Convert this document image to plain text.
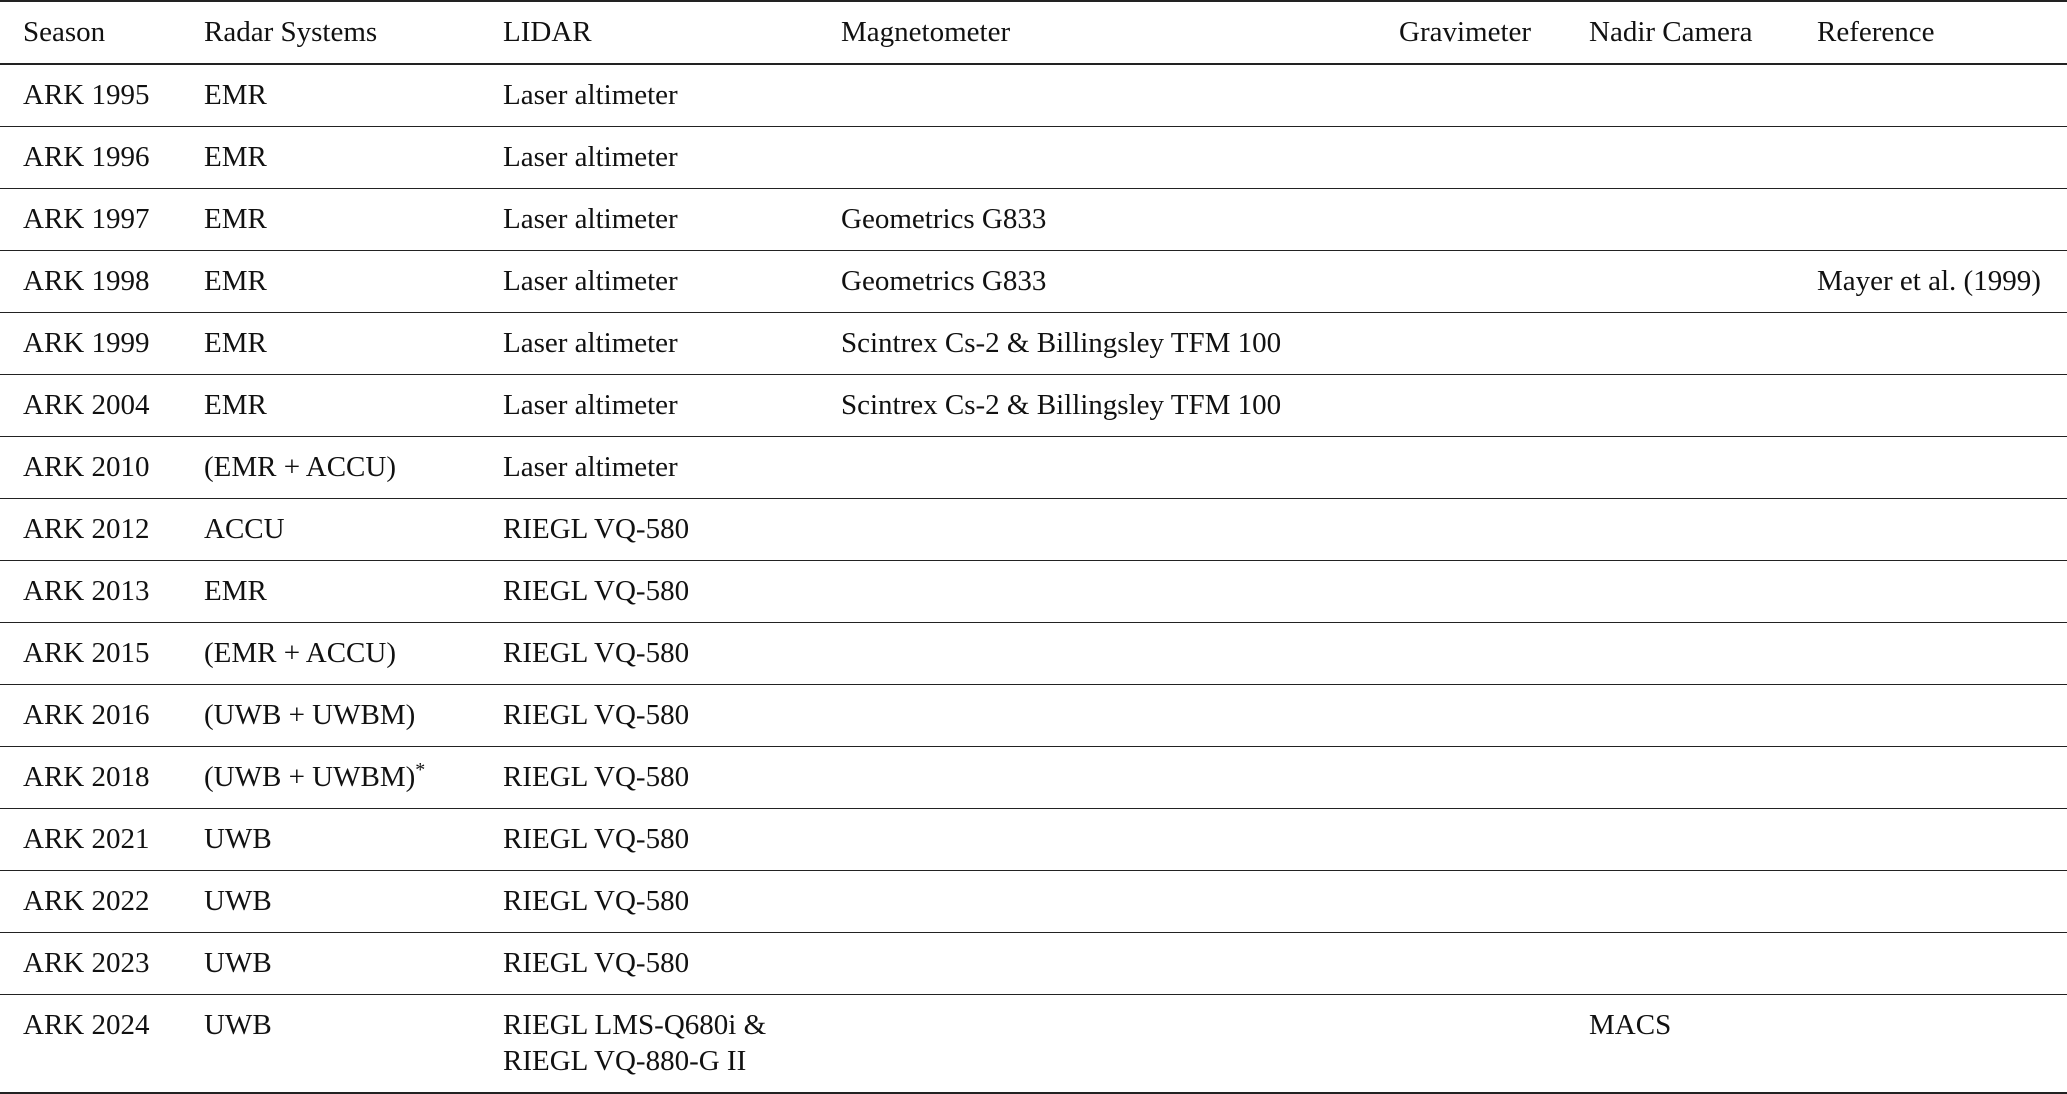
Season	Radar Systems	LIDAR	Magnetometer	Gravimeter	Nadir Camera	Reference
ARK 1995	EMR	Laser altimeter				

ARK 1996	EMR	Laser altimeter				

ARK 1997	EMR	Laser altimeter	Geometrics G833			
ARK 1998	EMR	Laser altimeter	Geometrics G833			Mayer et al. (1999)
ARK 1999	EMR	Laser altimeter	Scintrex Cs-2 & Billingsley TFM 100			
ARK 2004	EMR	Laser altimeter	Scintrex Cs-2 & Billingsley TFM 100			
ARK 2010	(EMR + ACCU)	Laser altimeter				

ARK 2012	ACCU	RIEGL VQ-580				

ARK 2013	EMR	RIEGL VQ-580				

ARK 2015	(EMR + ACCU)	RIEGL VQ-580				

ARK 2016	(UWB + UWBM)	RIEGL VQ-580				

ARK 2018	(UWB + UWBM)*	RIEGL VQ-580				

ARK 2021	UWB	RIEGL VQ-580				

ARK 2022	UWB	RIEGL VQ-580				

ARK 2023	UWB	RIEGL VQ-580				

ARK 2024	UWB	RIEGL LMS-Q680i &
RIEGL VQ-880-G II			MACS	
